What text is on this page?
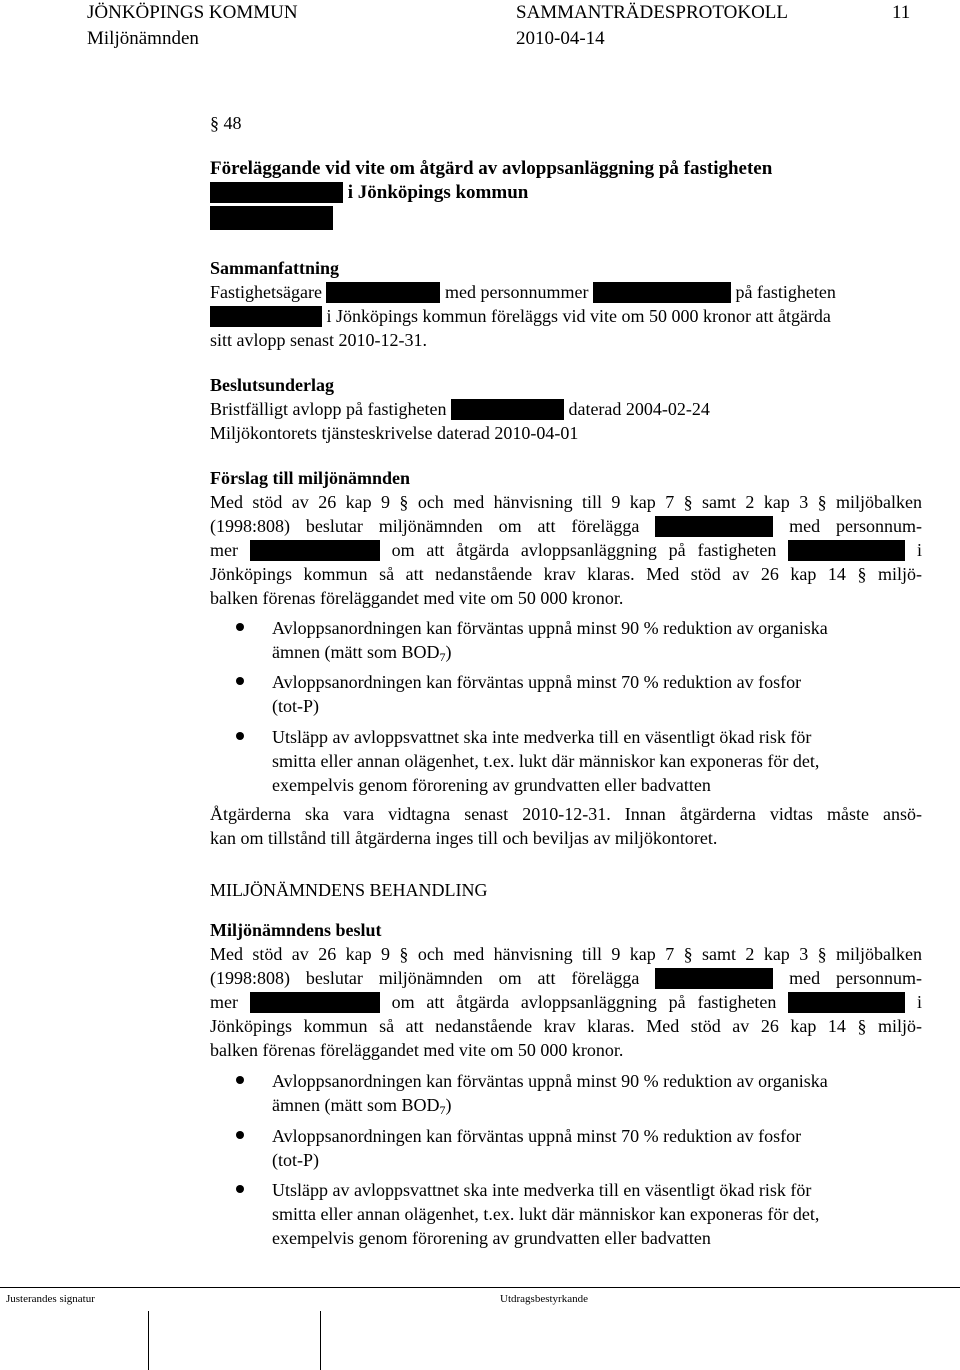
JÖNKÖPINGS KOMMUN	SAMMANTRÄDESPROTOKOLL	11
Miljönämnden	2010-04-14
§ 48
Föreläggande vid vite om åtgärd av avloppsanläggning på fastigheten
i Jönköpings kommun
Sammanfattning
Fastighetsägare	med personnummer	på fastigheten
i Jönköpings kommun föreläggs vid vite om 50 000 kronor att åtgärda
sitt avlopp senast 2010-12-31.
Beslutsunderlag
Bristfälligt avlopp på fastigheten	daterad 2004-02-24
Miljökontorets tjänsteskrivelse daterad 2010-04-01
Förslag till miljönämnden
Med stöd av 26 kap 9 § och med hänvisning till 9 kap 7 § samt 2 kap 3 § miljöbalken
(1998:808) beslutar miljönämnden om att förelägga	med personnum-
mer	om att åtgärda avloppsanläggning på fastigheten	i
Jönköpings kommun så att nedanstående krav klaras. Med stöd av 26 kap 14 § miljö-
balken förenas föreläggandet med vite om 50 000 kronor.
Avloppsanordningen kan förväntas uppnå minst 90 % reduktion av organiska
ämnen (mätt som $BOD_7$)
Avloppsanordningen kan förväntas uppnå minst 70 % reduktion av fosfor
(tot-P)
Utsläpp av avloppsvattnet ska inte medverka till en väsentligt ökad risk för
smitta eller annan olägenhet, t.ex. lukt där människor kan exponeras för det,
exempelvis genom förorening av grundvatten eller badvatten
Åtgärderna ska vara vidtagna senast 2010-12-31. Innan åtgärderna vidtas måste ansö-
kan om tillstånd till åtgärderna inges till och beviljas av miljökontoret.
MILJÖNÄMNDENS BEHANDLING
Miljönämndens beslut
Med stöd av 26 kap 9 § och med hänvisning till 9 kap 7 § samt 2 kap 3 § miljöbalken
(1998:808) beslutar miljönämnden om att förelägga	med personnum-
mer	om att åtgärda avloppsanläggning på fastigheten	i
Jönköpings kommun så att nedanstående krav klaras. Med stöd av 26 kap 14 § miljö-
balken förenas föreläggandet med vite om 50 000 kronor.
Avloppsanordningen kan förväntas uppnå minst 90 % reduktion av organiska
ämnen (mätt som $BOD_7$)
Avloppsanordningen kan förväntas uppnå minst 70 % reduktion av fosfor
(tot-P)
Utsläpp av avloppsvattnet ska inte medverka till en väsentligt ökad risk för
smitta eller annan olägenhet, t.ex. lukt där människor kan exponeras för det,
exempelvis genom förorening av grundvatten eller badvatten
Justerandes signatur	Utdragsbestyrkande
